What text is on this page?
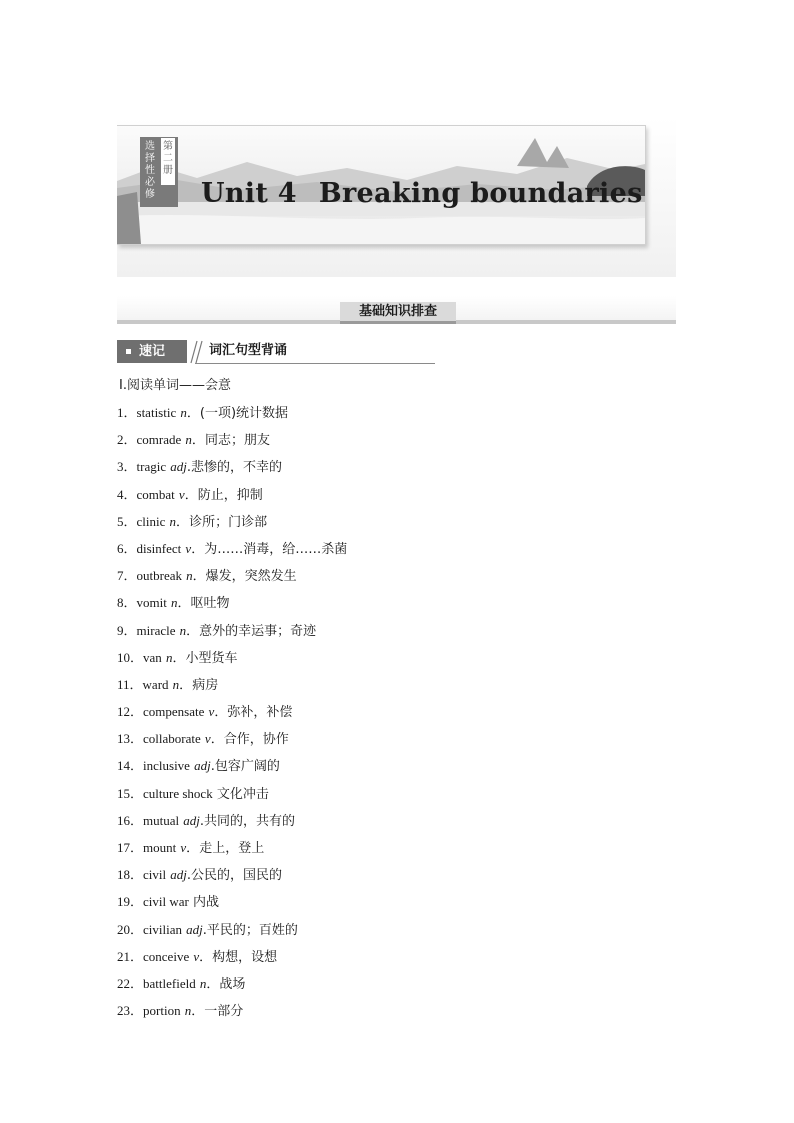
选
择
性
必
修
第
二
册
Unit 4 Breaking boundaries
基础知识排查
速记	词汇句型背诵
Ⅰ.阅读单词——会意
1．statistic n．(一项)统计数据
2．comrade n．同志；朋友
3．tragic adj.悲惨的，不幸的
4．combat v．防止，抑制
5．clinic n．诊所；门诊部
6．disinfect v．为……消毒，给……杀菌
7．outbreak n．爆发，突然发生
8．vomit n．呕吐物
9．miracle n．意外的幸运事；奇迹
10．van n．小型货车
11．ward n．病房
12．compensate v．弥补，补偿
13．collaborate v．合作，协作
14．inclusive adj.包容广阔的
15．culture shock 文化冲击
16．mutual adj.共同的，共有的
17．mount v．走上，登上
18．civil adj.公民的，国民的
19．civil war 内战
20．civilian adj.平民的；百姓的
21．conceive v．构想，设想
22．battlefield n．战场
23．portion n．一部分
